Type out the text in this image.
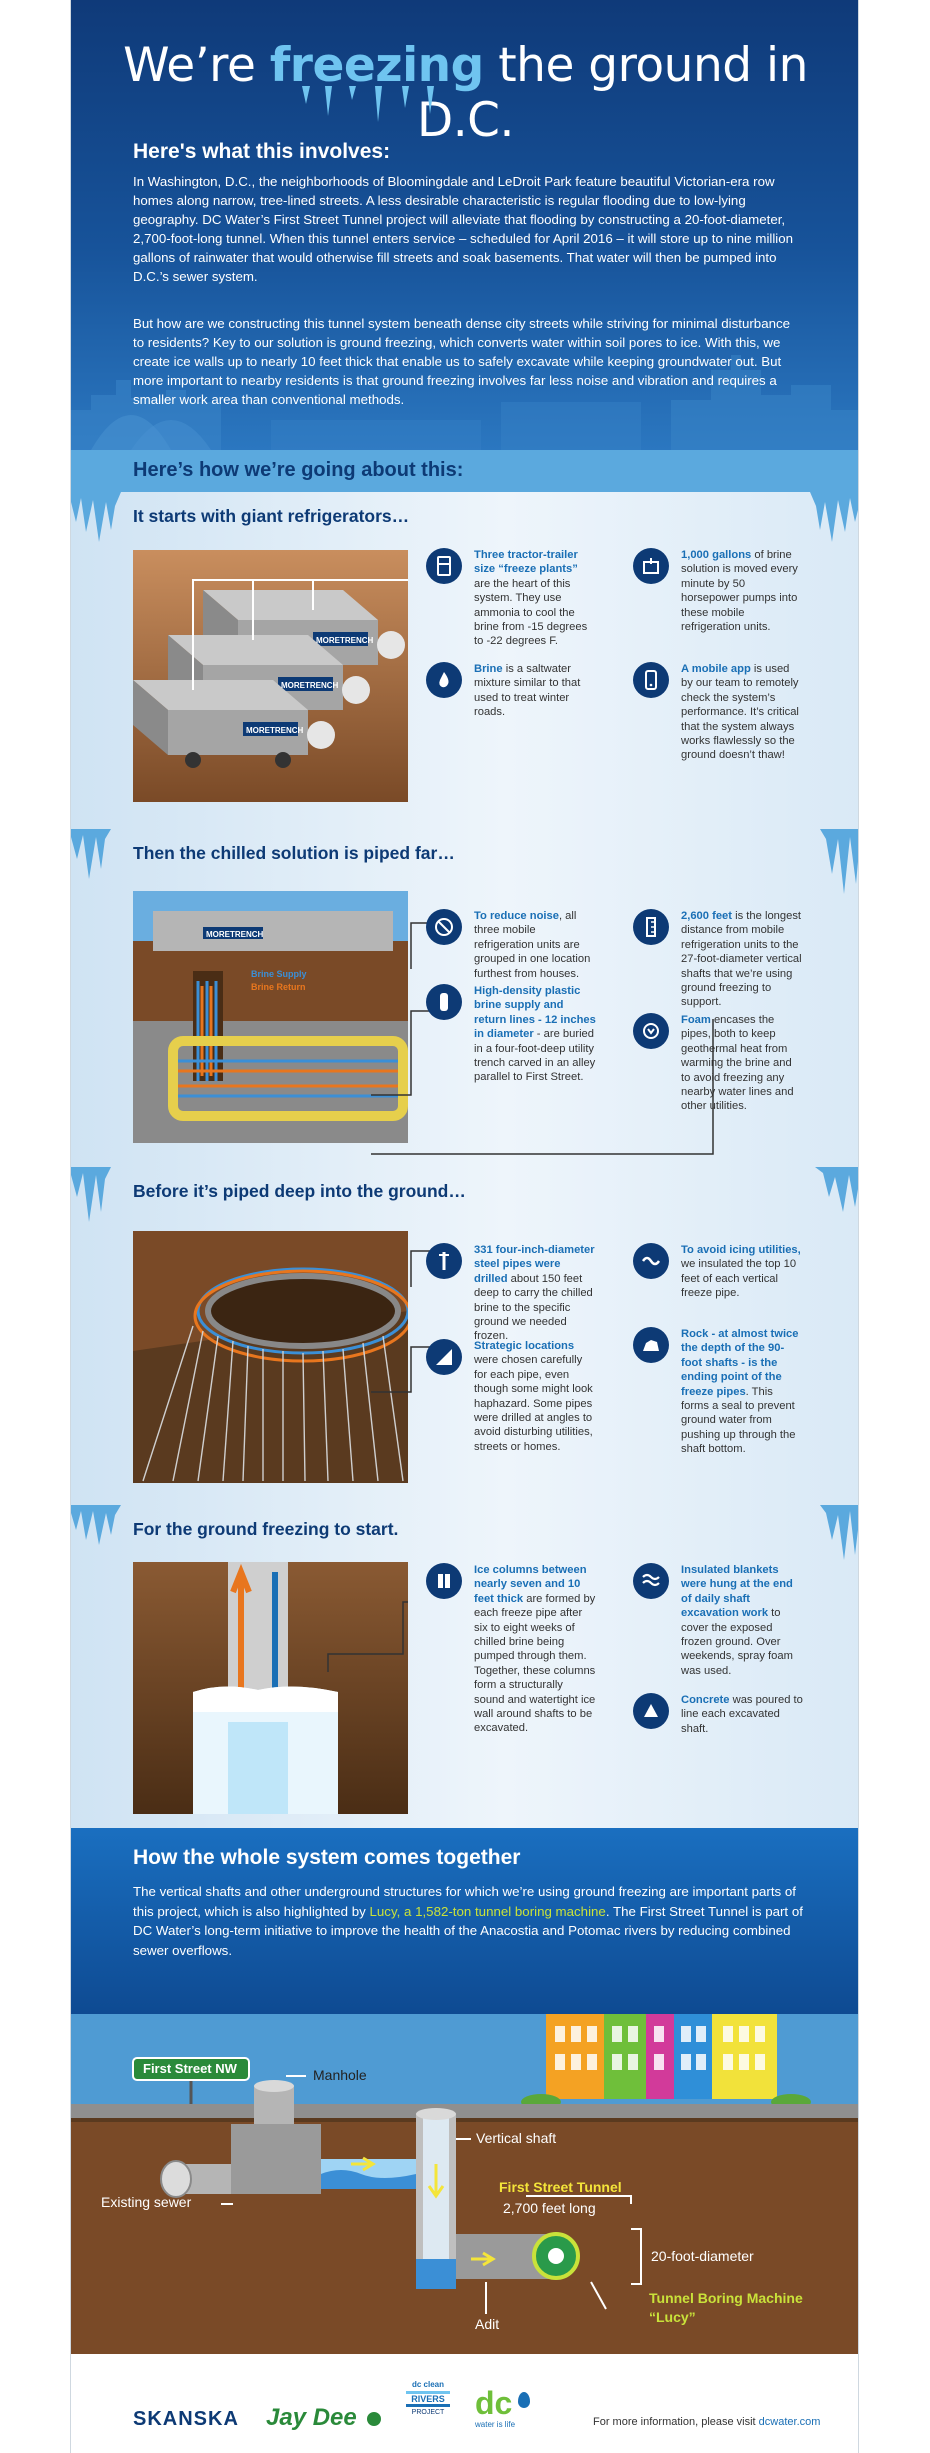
We’re freezing the ground in D.C.
Here's what this involves:

In Washington, D.C., the neighborhoods of Bloomingdale and LeDroit Park feature beautiful Victorian-era row homes along narrow, tree-lined streets. A less desirable characteristic is regular flooding due to low-lying geography. DC Water’s First Street Tunnel project will alleviate that flooding by constructing a 20-foot-diameter, 2,700-foot-long tunnel. When this tunnel enters service – scheduled for April 2016 – it will store up to nine million gallons of rainwater that would otherwise fill streets and soak basements. That water will then be pumped into D.C.’s sewer system.

But how are we constructing this tunnel system beneath dense city streets while striving for minimal disturbance to residents? Key to our solution is ground freezing, which converts water within soil pores to ice. With this, we create ice walls up to nearly 10 feet thick that enable us to safely excavate while keeping groundwater out. But more important to nearby residents is that ground freezing involves far less noise and vibration and requires a smaller work area than conventional methods.

Here’s how we’re going about this:
It starts with giant refrigerators…
MORETRENCH
MORETRENCH
MORETRENCH
Three tractor-trailer size “freeze plants” are the heart of this system. They use ammonia to cool the brine from -15 degrees to -22 degrees F.
Brine is a saltwater mixture similar to that used to treat winter roads.
1,000 gallons of brine solution is moved every minute by 50 horsepower pumps into these mobile refrigeration units.
A mobile app is used by our team to remotely check the system’s performance. It’s critical that the system always works flawlessly so the ground doesn’t thaw!
Then the chilled solution is piped far…
MORETRENCH
Brine Supply
Brine Return
To reduce noise, all three mobile refrigeration units are grouped in one location furthest from houses.
High-density plastic brine supply and return lines - 12 inches in diameter - are buried in a four-foot-deep utility trench carved in an alley parallel to First Street.
2,600 feet is the longest distance from mobile refrigeration units to the 27-foot-diameter vertical shafts that we’re using ground freezing to support.
Foam encases the pipes, both to keep geothermal heat from warming the brine and to avoid freezing any nearby water lines and other utilities.
Before it’s piped deep into the ground…
331 four-inch-diameter steel pipes were drilled about 150 feet deep to carry the chilled brine to the specific ground we needed frozen.
Strategic locations were chosen carefully for each pipe, even though some might look haphazard. Some pipes were drilled at angles to avoid disturbing utilities, streets or homes.
To avoid icing utilities, we insulated the top 10 feet of each vertical freeze pipe.
Rock - at almost twice the depth of the 90-foot shafts - is the ending point of the freeze pipes. This forms a seal to prevent ground water from pushing up through the shaft bottom.
For the ground freezing to start.
Ice columns between nearly seven and 10 feet thick are formed by each freeze pipe after six to eight weeks of chilled brine being pumped through them. Together, these columns form a structurally sound and watertight ice wall around shafts to be excavated.
Insulated blankets were hung at the end of daily shaft excavation work to cover the exposed frozen ground. Over weekends, spray foam was used.
Concrete was poured to line each excavated shaft.
How the whole system comes together

The vertical shafts and other underground structures for which we’re using ground freezing are important parts of this project, which is also highlighted by Lucy, a 1,582-ton tunnel boring machine. The First Street Tunnel is part of DC Water’s long-term initiative to improve the health of the Anacostia and Potomac rivers by reducing combined sewer overflows.

First Street NW	Manhole
Vertical shaft
Existing sewer
First Street Tunnel
2,700 feet long
20-foot-diameter
Adit
Tunnel Boring Machine
“Lucy”
SKANSKA Jay Dee
dc clean
RIVERS
PROJECT dc
water is life	For more information, please visit dcwater.com
